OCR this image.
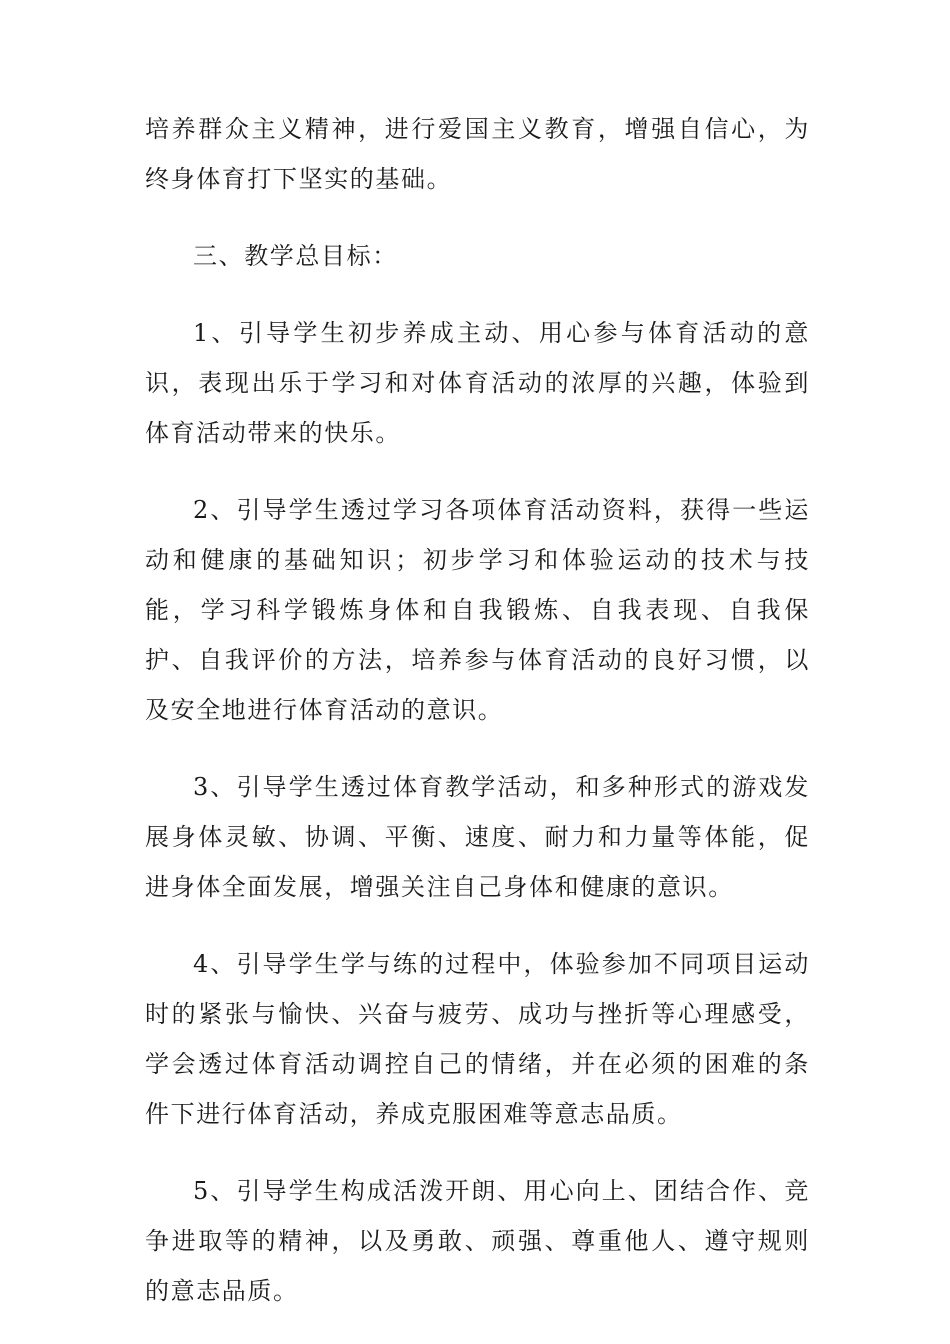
培养群众主义精神，进行爱国主义教育，增强自信心，为终身体育打下坚实的基础。

三、教学总目标：

1、引导学生初步养成主动、用心参与体育活动的意识，表现出乐于学习和对体育活动的浓厚的兴趣，体验到体育活动带来的快乐。

2、引导学生透过学习各项体育活动资料，获得一些运动和健康的基础知识；初步学习和体验运动的技术与技能，学习科学锻炼身体和自我锻炼、自我表现、自我保护、自我评价的方法，培养参与体育活动的良好习惯，以及安全地进行体育活动的意识。

3、引导学生透过体育教学活动，和多种形式的游戏发展身体灵敏、协调、平衡、速度、耐力和力量等体能，促进身体全面发展，增强关注自己身体和健康的意识。

4、引导学生学与练的过程中，体验参加不同项目运动时的紧张与愉快、兴奋与疲劳、成功与挫折等心理感受，学会透过体育活动调控自己的情绪，并在必须的困难的条件下进行体育活动，养成克服困难等意志品质。

5、引导学生构成活泼开朗、用心向上、团结合作、竞争进取等的精神，以及勇敢、顽强、尊重他人、遵守规则的意志品质。
